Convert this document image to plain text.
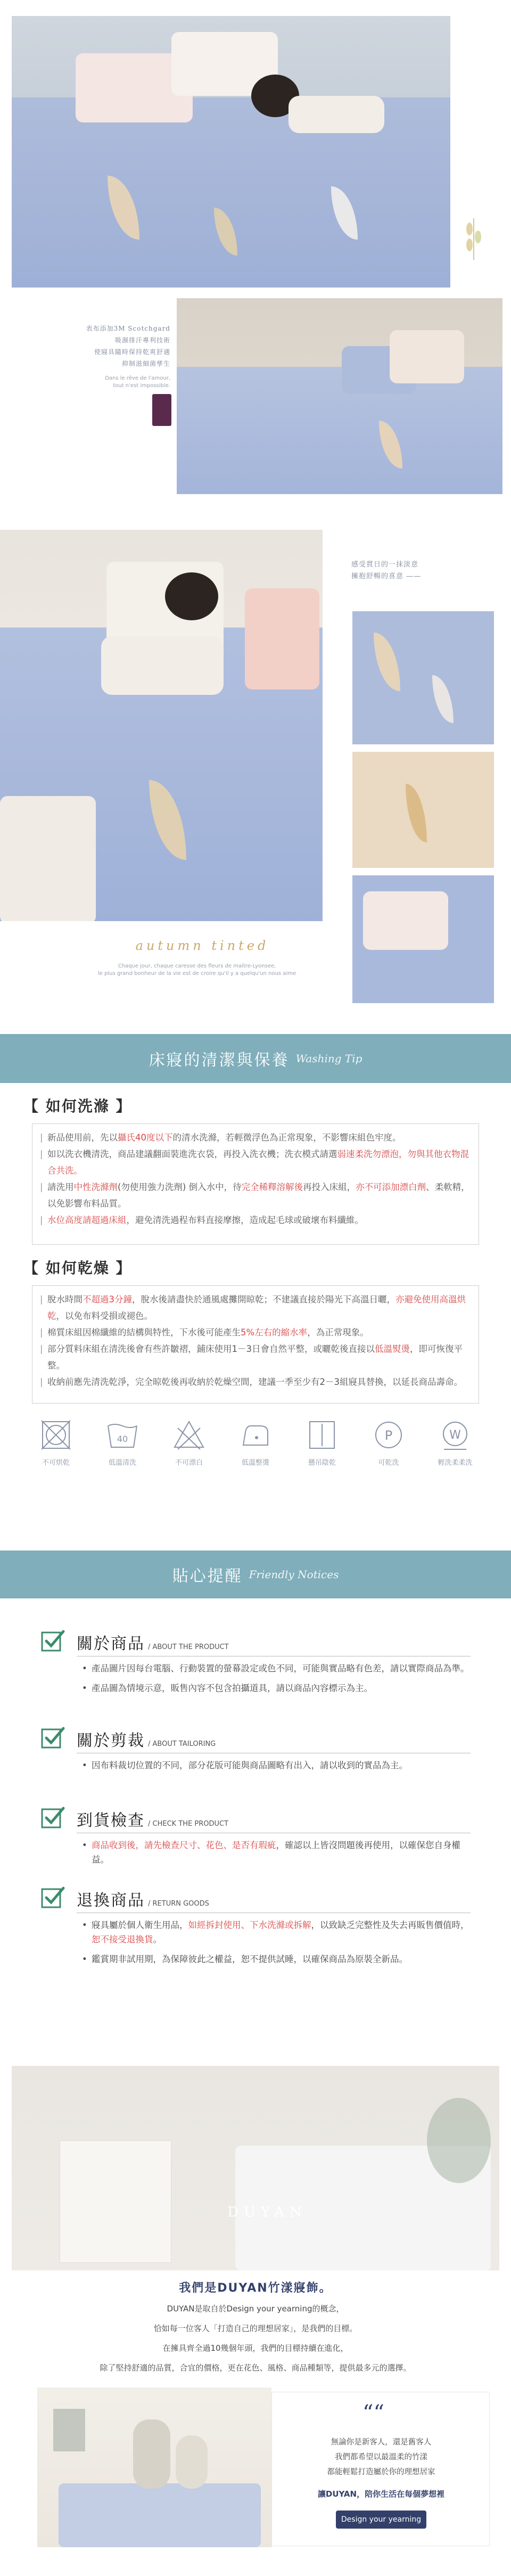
表布添加3M Scotchgard
吸濕排汗專利技術
使寢具隨時保持乾爽舒適
抑制滋細菌孳生
Dans le rêve de l'amour,
tout n'est impossible.
感受貫日的一抹淡意
擁抱舒暢的喜意 ——
autumn tinted
Chaque jour, chaque caresse des fleurs de maitre-Lyonsee,
le plus grand bonheur de la vie est de croire qu'il y a quelqu'un nous aime
床寢的清潔與保養 Washing Tip
【 如何洗滌 】

| 新品使用前，先以攝氏40度以下的清水洗滌，若輕微浮色為正常現象，不影響床組色牢度。

| 如以洗衣機清洗，商品建議翻面裝進洗衣袋，再投入洗衣機；洗衣模式請選弱速柔洗勿漂泡，勿與其他衣物混合共洗。

| 請洗用中性洗滌劑(勿使用強力洗劑) 倒入水中，待完全稀釋溶解後再投入床組，亦不可添加漂白劑、柔軟精，以免影響布料品質。

| 水位高度請超過床組，避免清洗過程布料直接摩擦，造成起毛球或破壞布料纖維。

【 如何乾燥 】

| 脫水時間不超過3分鐘，脫水後請盡快於通風處攤開晾乾；不建議直接於陽光下高溫日曬，亦避免使用高溫烘乾，以免布料受損或褪色。

| 棉質床組因棉纖維的結構與特性，下水後可能產生5%左右的縮水率，為正常現象。

| 部分質料床組在清洗後會有些許皺褶，鋪床使用1－3日會自然平整，或曬乾後直接以低溫熨燙，即可恢復平整。

| 收納前應先清洗乾淨，完全晾乾後再收納於乾燥空間，建議一季至少有2－3組寢具替換，以延長商品壽命。

不可烘乾
40
低溫清洗	不可漂白	低溫整燙	懸吊陰乾
P
可乾洗
W
輕洗柔柔洗
貼心提醒 Friendly Notices
關於商品 / ABOUT THE PRODUCT
• 產品圖片因每台電腦、行動裝置的螢幕設定或色不同，可能與實品略有色差，請以實際商品為準。
• 產品圖為情境示意，販售內容不包含拍攝道具，請以商品內容標示為主。
關於剪裁 / ABOUT TAILORING
• 因布料裁切位置的不同，部分花版可能與商品圖略有出入，請以收到的實品為主。
到貨檢查 / CHECK THE PRODUCT
• 商品收到後，請先檢查尺寸、花色、是否有瑕疵，確認以上皆沒問題後再使用，以確保您自身權益。
退換商品 / RETURN GOODS
• 寢具屬於個人衛生用品，如經拆封使用、下水洗滌或拆解，以致缺乏完整性及失去再販售價值時，恕不接受退換貨。
• 鑑賞期非試用期，為保障彼此之權益，恕不提供試睡，以確保商品為原裝全新品。
DUYAN
我們是DUYAN竹漾寢飾。
DUYAN是取自於Design your yearning的概念，
恰如每一位客人「打造自己的理想居家」，是我們的目標。
在擁具齊全過10幾個年頭，我們的目標持續在進化，
除了堅持舒適的品質，合宜的價格，更在花色、風格、商品種類等，提供最多元的選擇。
““
無論你是新客人，還是舊客人
我們都希望以最溫柔的竹漾
都能輕鬆打造屬於你的理想居家
讓DUYAN，陪你生活在每個夢想裡
Design your yearning
